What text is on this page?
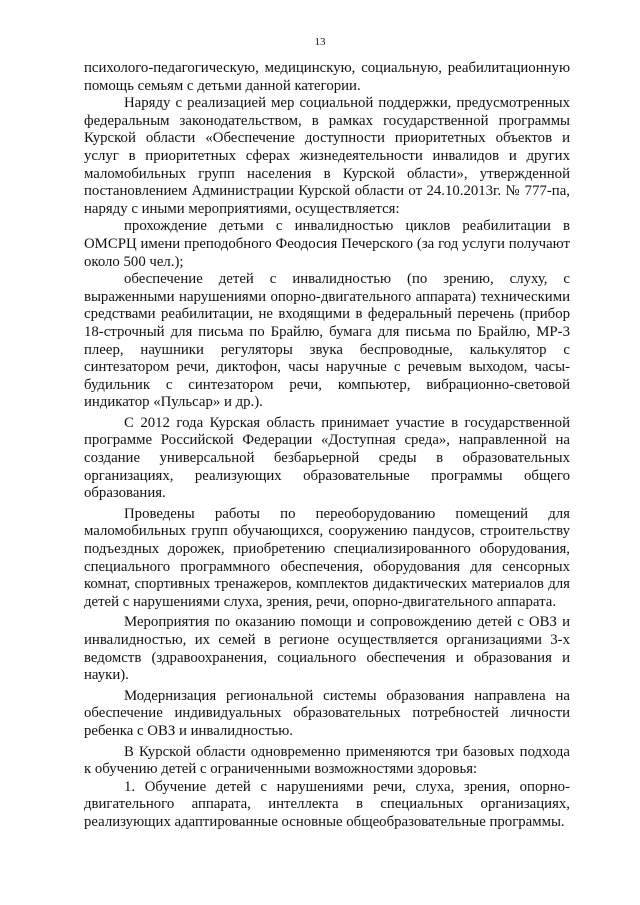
13

психолого-педагогическую, медицинскую, социальную, реабилитационную помощь семьям с детьми данной категории.

Наряду с реализацией мер социальной поддержки, предусмотренных федеральным законодательством, в рамках государственной программы Курской области «Обеспечение доступности приоритетных объектов и услуг в приоритетных сферах жизнедеятельности инвалидов и других маломобильных групп населения в Курской области», утвержденной постановлением Администрации Курской области от 24.10.2013г. № 777-па, наряду с иными мероприятиями, осуществляется:

прохождение детьми с инвалидностью циклов реабилитации в ОМСРЦ имени преподобного Феодосия Печерского (за год услуги получают около 500 чел.);

обеспечение детей с инвалидностью (по зрению, слуху, с выраженными нарушениями опорно-двигательного аппарата) техническими средствами реабилитации, не входящими в федеральный перечень (прибор 18-строчный для письма по Брайлю, бумага для письма по Брайлю, МР-3 плеер, наушники регуляторы звука беспроводные, калькулятор с синтезатором речи, диктофон, часы наручные с речевым выходом, часы-будильник с синтезатором речи, компьютер, вибрационно-световой индикатор «Пульсар» и др.).

С 2012 года Курская область принимает участие в государственной программе Российской Федерации «Доступная среда», направленной на создание универсальной безбарьерной среды в образовательных организациях, реализующих образовательные программы общего образования.

Проведены работы по переоборудованию помещений для маломобильных групп обучающихся, сооружению пандусов, строительству подъездных дорожек, приобретению специализированного оборудования, специального программного обеспечения, оборудования для сенсорных комнат, спортивных тренажеров, комплектов дидактических материалов для детей с нарушениями слуха, зрения, речи, опорно-двигательного аппарата.

Мероприятия по оказанию помощи и сопровождению детей с ОВЗ и инвалидностью, их семей в регионе осуществляется организациями 3-х ведомств (здравоохранения, социального обеспечения и образования и науки).

Модернизация региональной системы образования направлена на обеспечение индивидуальных образовательных потребностей личности ребенка с ОВЗ и инвалидностью.

В Курской области одновременно применяются три базовых подхода к обучению детей с ограниченными возможностями здоровья:

1. Обучение детей с нарушениями речи, слуха, зрения, опорно-двигательного аппарата, интеллекта в специальных организациях, реализующих адаптированные основные общеобразовательные программы.
